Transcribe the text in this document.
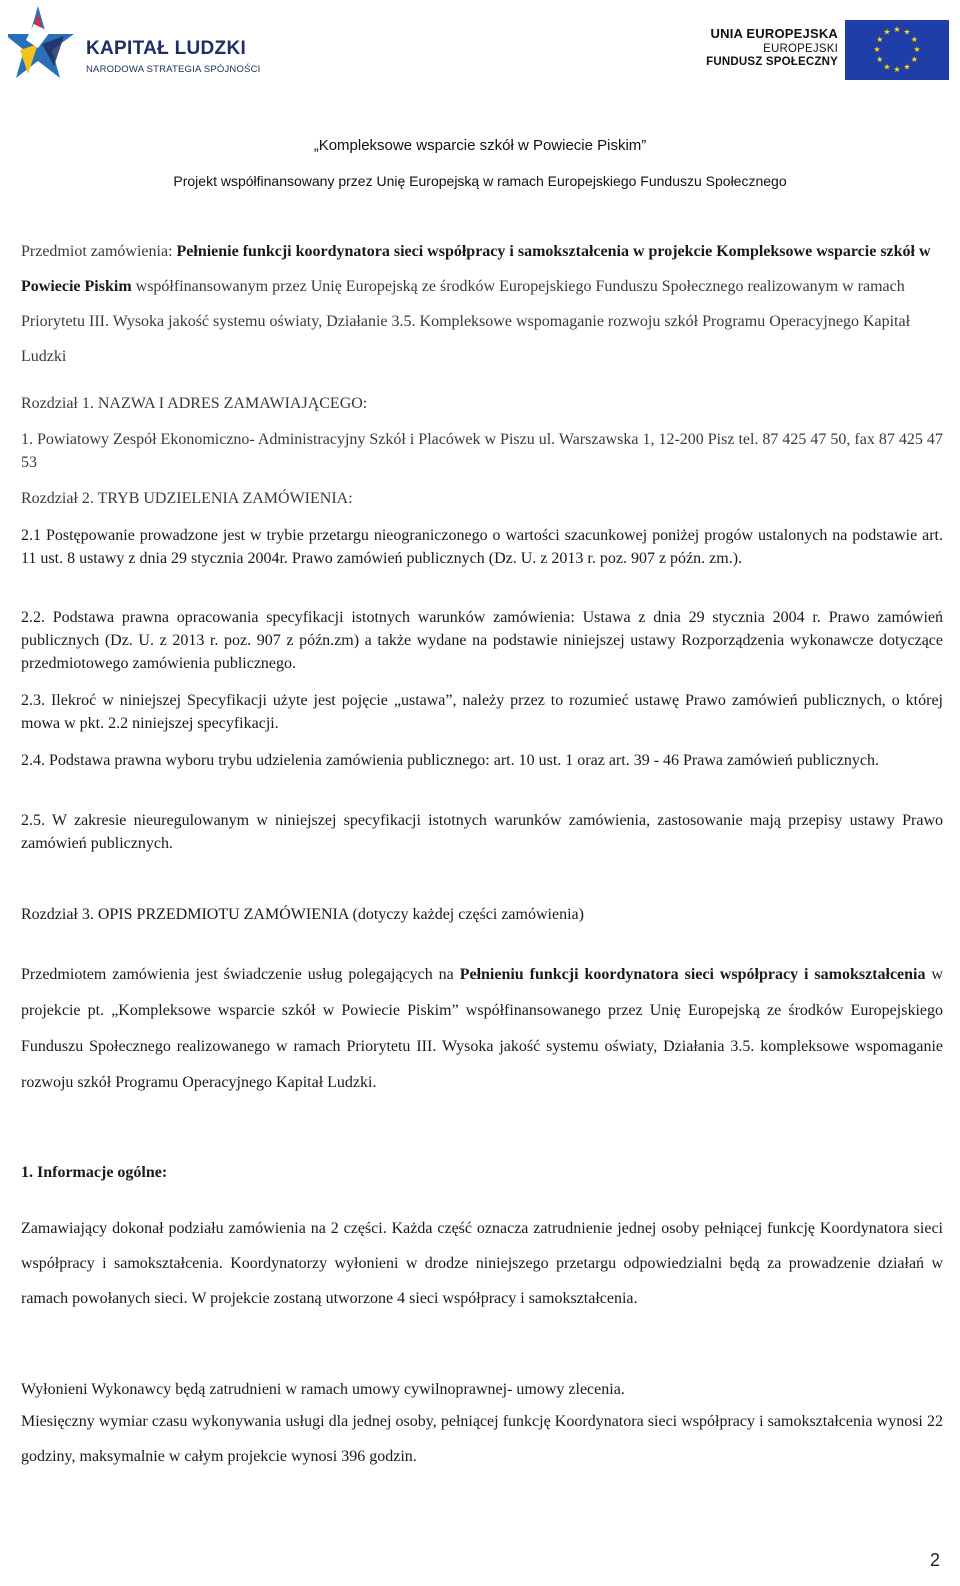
KAPITAŁ LUDZKI
NARODOWA STRATEGIA SPÓJNOŚCI
UNIA EUROPEJSKA
EUROPEJSKI
FUNDUSZ SPOŁECZNY
★ ★
★
★
★
★
★
★
★
★
★
★
„Kompleksowe wsparcie szkół w Powiecie Piskim”
Projekt współfinansowany przez Unię Europejską w ramach Europejskiego Funduszu Społecznego
Przedmiot zamówienia: Pełnienie funkcji koordynatora sieci współpracy i samokształcenia w projekcie Kompleksowe wsparcie szkół w Powiecie Piskim współfinansowanym przez Unię Europejską ze środków Europejskiego Funduszu Społecznego realizowanym w ramach Priorytetu III. Wysoka jakość systemu oświaty, Działanie 3.5. Kompleksowe wspomaganie rozwoju szkół Programu Operacyjnego Kapitał Ludzki
Rozdział 1. NAZWA I ADRES ZAMAWIAJĄCEGO:
1. Powiatowy Zespół Ekonomiczno- Administracyjny Szkół i Placówek w Piszu ul. Warszawska 1, 12-200 Pisz tel. 87 425 47 50, fax 87 425 47 53
Rozdział 2. TRYB UDZIELENIA ZAMÓWIENIA:
2.1 Postępowanie prowadzone jest w trybie przetargu nieograniczonego o wartości szacunkowej poniżej progów ustalonych na podstawie art. 11 ust. 8 ustawy z dnia 29 stycznia 2004r. Prawo zamówień publicznych (Dz. U. z 2013 r. poz. 907 z późn. zm.).
2.2. Podstawa prawna opracowania specyfikacji istotnych warunków zamówienia: Ustawa z dnia 29 stycznia 2004 r. Prawo zamówień publicznych (Dz. U. z 2013 r. poz. 907 z późn.zm) a także wydane na podstawie niniejszej ustawy Rozporządzenia wykonawcze dotyczące przedmiotowego zamówienia publicznego.
2.3. Ilekroć w niniejszej Specyfikacji użyte jest pojęcie „ustawa”, należy przez to rozumieć ustawę Prawo zamówień publicznych, o której mowa w pkt. 2.2 niniejszej specyfikacji.
2.4. Podstawa prawna wyboru trybu udzielenia zamówienia publicznego: art. 10 ust. 1 oraz art. 39 - 46 Prawa zamówień publicznych.
2.5. W zakresie nieuregulowanym w niniejszej specyfikacji istotnych warunków zamówienia, zastosowanie mają przepisy ustawy Prawo zamówień publicznych.
Rozdział 3. OPIS PRZEDMIOTU ZAMÓWIENIA (dotyczy każdej części zamówienia)
Przedmiotem zamówienia jest świadczenie usług polegających na Pełnieniu funkcji koordynatora sieci współpracy i samokształcenia w projekcie pt. „Kompleksowe wsparcie szkół w Powiecie Piskim” współfinansowanego przez Unię Europejską ze środków Europejskiego Funduszu Społecznego realizowanego w ramach Priorytetu III. Wysoka jakość systemu oświaty, Działania 3.5. kompleksowe wspomaganie rozwoju szkół Programu Operacyjnego Kapitał Ludzki.
1. Informacje ogólne:
Zamawiający dokonał podziału zamówienia na 2 części. Każda część oznacza zatrudnienie jednej osoby pełniącej funkcję Koordynatora sieci współpracy i samokształcenia. Koordynatorzy wyłonieni w drodze niniejszego przetargu odpowiedzialni będą za prowadzenie działań w ramach powołanych sieci. W projekcie zostaną utworzone 4 sieci współpracy i samokształcenia.
Wyłonieni Wykonawcy będą zatrudnieni w ramach umowy cywilnoprawnej- umowy zlecenia.
Miesięczny wymiar czasu wykonywania usługi dla jednej osoby, pełniącej funkcję Koordynatora sieci współpracy i samokształcenia wynosi 22 godziny, maksymalnie w całym projekcie wynosi 396 godzin.
2
